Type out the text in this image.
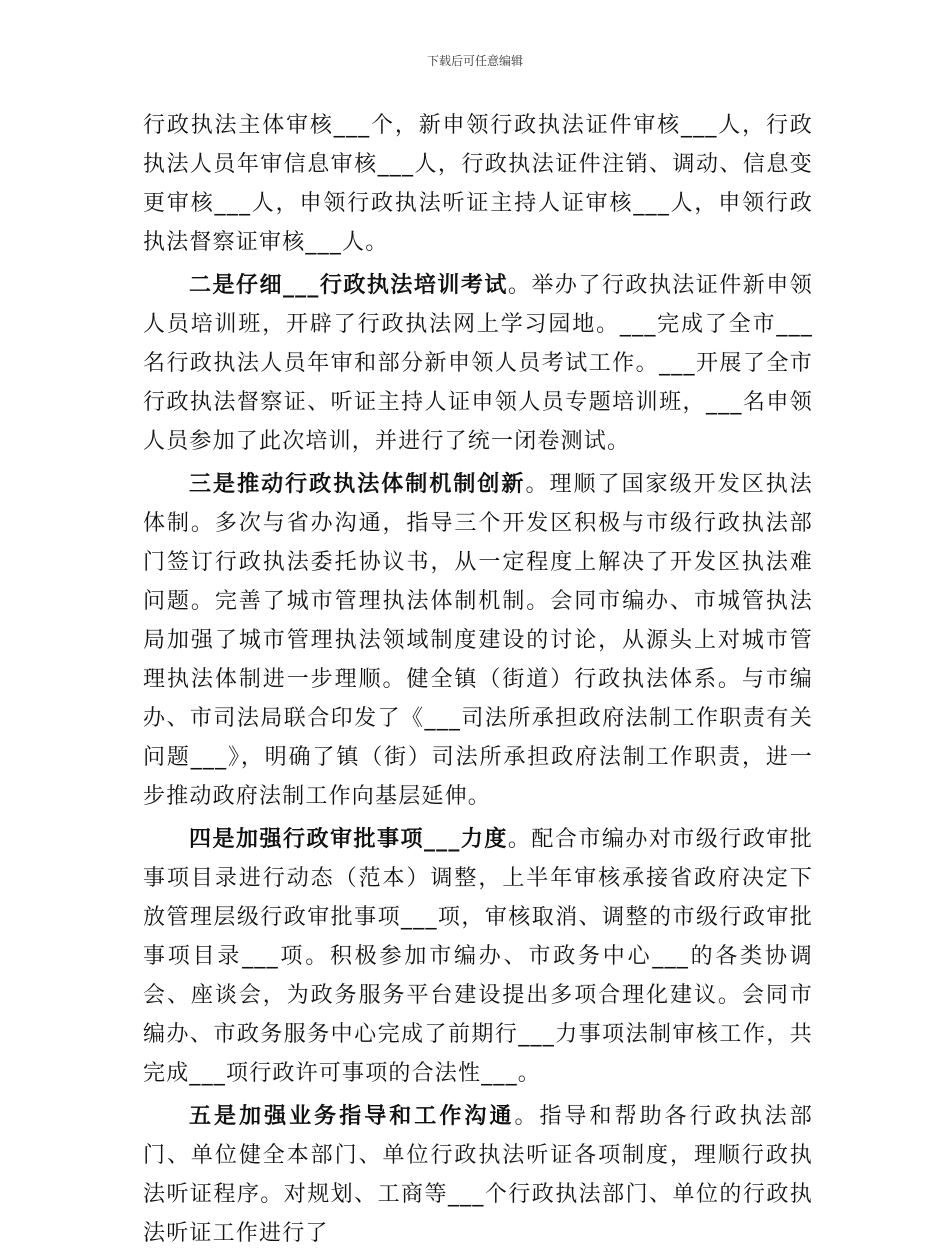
下载后可任意编辑

行政执法主体审核___个，新申领行政执法证件审核___人，行政执法人员年审信息审核___人，行政执法证件注销、调动、信息变更审核___人，申领行政执法听证主持人证审核___人，申领行政执法督察证审核___人。

二是仔细___行政执法培训考试。举办了行政执法证件新申领人员培训班，开辟了行政执法网上学习园地。___完成了全市___名行政执法人员年审和部分新申领人员考试工作。___开展了全市行政执法督察证、听证主持人证申领人员专题培训班，___名申领人员参加了此次培训，并进行了统一闭卷测试。

三是推动行政执法体制机制创新。理顺了国家级开发区执法体制。多次与省办沟通，指导三个开发区积极与市级行政执法部门签订行政执法委托协议书，从一定程度上解决了开发区执法难问题。完善了城市管理执法体制机制。会同市编办、市城管执法局加强了城市管理执法领域制度建设的讨论，从源头上对城市管理执法体制进一步理顺。健全镇（街道）行政执法体系。与市编办、市司法局联合印发了《___司法所承担政府法制工作职责有关问题___》，明确了镇（街）司法所承担政府法制工作职责，进一步推动政府法制工作向基层延伸。

四是加强行政审批事项___力度。配合市编办对市级行政审批事项目录进行动态（范本）调整，上半年审核承接省政府决定下放管理层级行政审批事项___项，审核取消、调整的市级行政审批事项目录___项。积极参加市编办、市政务中心___的各类协调会、座谈会，为政务服务平台建设提出多项合理化建议。会同市编办、市政务服务中心完成了前期行___力事项法制审核工作，共完成___项行政许可事项的合法性___。

五是加强业务指导和工作沟通。指导和帮助各行政执法部门、单位健全本部门、单位行政执法听证各项制度，理顺行政执法听证程序。对规划、工商等___个行政执法部门、单位的行政执法听证工作进行了
